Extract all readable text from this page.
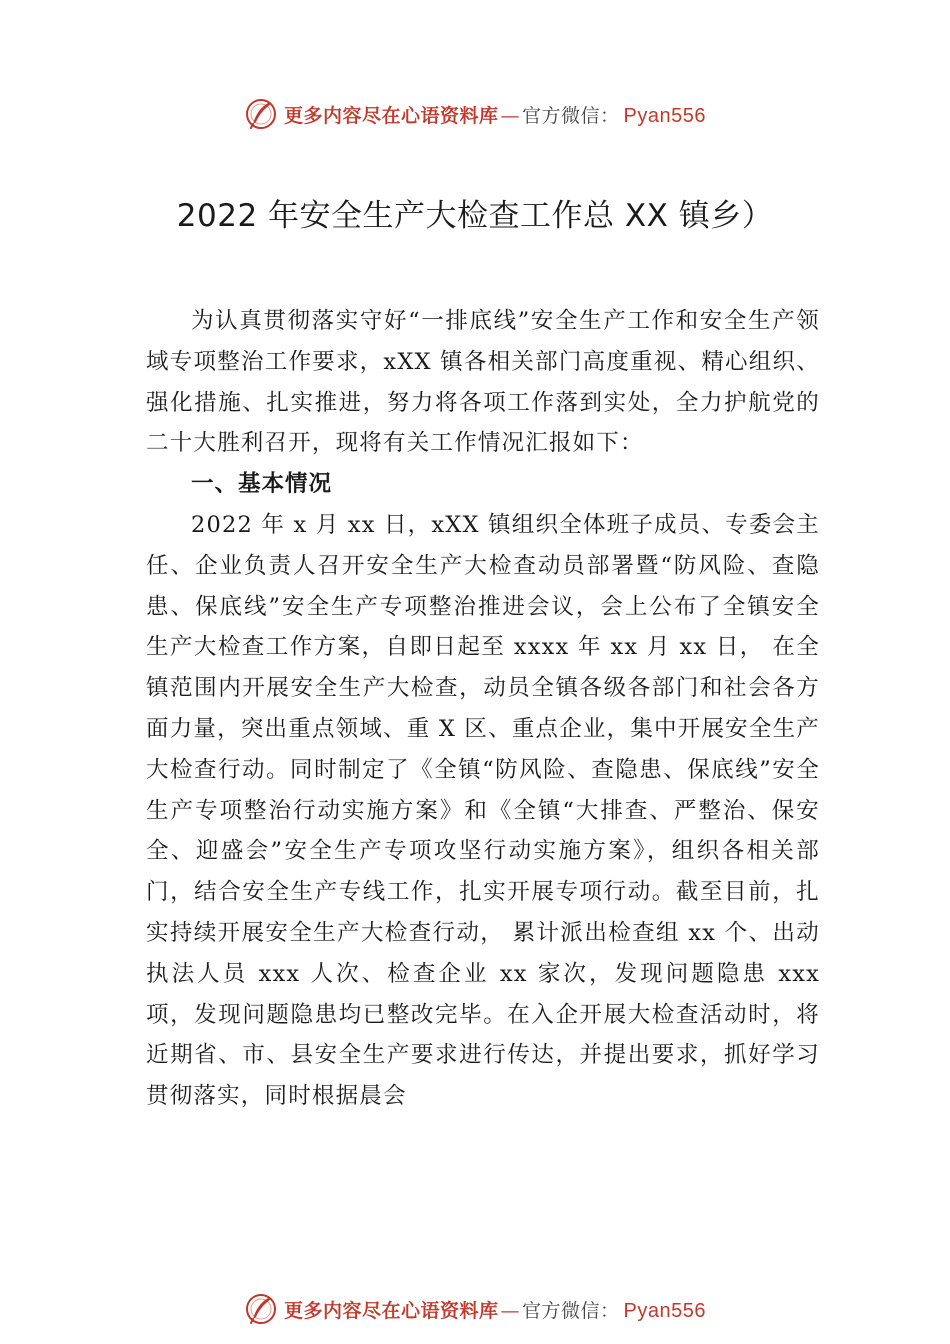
更多内容尽在心语资料库 — 官方微信： Pyan556
2022 年安全生产大检查工作总 XX 镇乡）

为认真贯彻落实守好“一排底线”安全生产工作和安全生产领域专项整治工作要求，xXX 镇各相关部门高度重视、精心组织、强化措施、扎实推进，努力将各项工作落到实处，全力护航党的二十大胜利召开，现将有关工作情况汇报如下：

一、基本情况

2022 年 x 月 xx 日，xXX 镇组织全体班子成员、专委会主任、企业负责人召开安全生产大检查动员部署暨“防风险、查隐患、保底线”安全生产专项整治推进会议，会上公布了全镇安全生产大检查工作方案，自即日起至 xxxx 年 xx 月 xx 日， 在全镇范围内开展安全生产大检查，动员全镇各级各部门和社会各方面力量，突出重点领域、重 X 区、重点企业，集中开展安全生产大检查行动。同时制定了《全镇“防风险、查隐患、保底线”安全生产专项整治行动实施方案》和《全镇“大排查、严整治、保安全、迎盛会”安全生产专项攻坚行动实施方案》，组织各相关部门，结合安全生产专线工作，扎实开展专项行动。截至目前，扎实持续开展安全生产大检查行动， 累计派出检查组 xx 个、出动执法人员 xxx 人次、检查企业 xx 家次，发现问题隐患 xxx 项，发现问题隐患均已整改完毕。在入企开展大检查活动时，将近期省、市、县安全生产要求进行传达，并提出要求，抓好学习贯彻落实，同时根据晨会

更多内容尽在心语资料库 — 官方微信： Pyan556
